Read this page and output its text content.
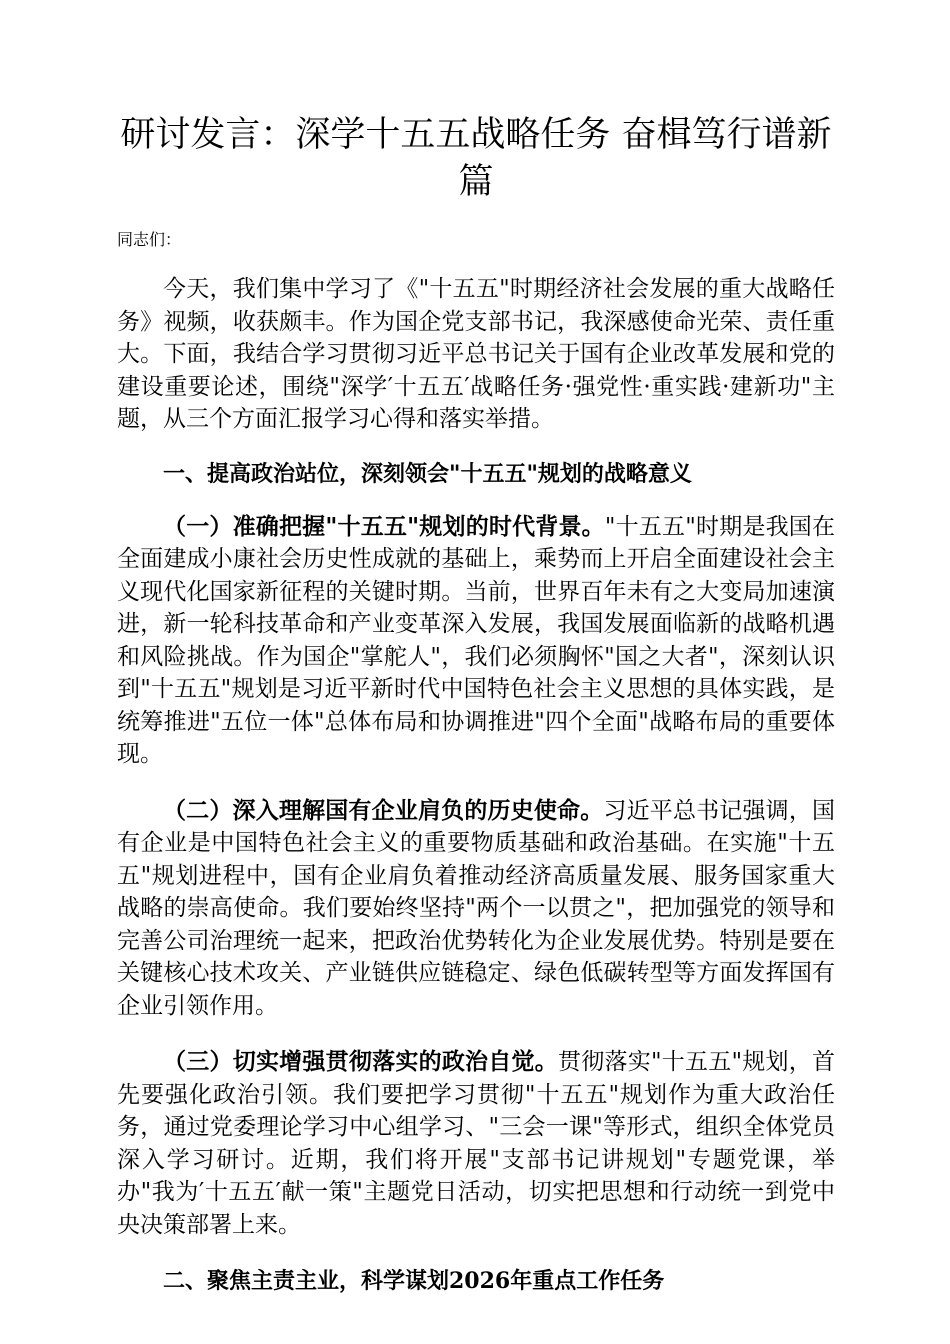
研讨发言：深学十五五战略任务 奋楫笃行谱新篇

同志们：

今天，我们集中学习了《"十五五"时期经济社会发展的重大战略任务》视频，收获颇丰。作为国企党支部书记，我深感使命光荣、责任重大。下面，我结合学习贯彻习近平总书记关于国有企业改革发展和党的建设重要论述，围绕"深学′十五五′战略任务·强党性·重实践·建新功"主题，从三个方面汇报学习心得和落实举措。

一、提高政治站位，深刻领会"十五五"规划的战略意义

（一）准确把握"十五五"规划的时代背景。"十五五"时期是我国在全面建成小康社会历史性成就的基础上，乘势而上开启全面建设社会主义现代化国家新征程的关键时期。当前，世界百年未有之大变局加速演进，新一轮科技革命和产业变革深入发展，我国发展面临新的战略机遇和风险挑战。作为国企"掌舵人"，我们必须胸怀"国之大者"，深刻认识到"十五五"规划是习近平新时代中国特色社会主义思想的具体实践，是统筹推进"五位一体"总体布局和协调推进"四个全面"战略布局的重要体现。

（二）深入理解国有企业肩负的历史使命。习近平总书记强调，国有企业是中国特色社会主义的重要物质基础和政治基础。在实施"十五五"规划进程中，国有企业肩负着推动经济高质量发展、服务国家重大战略的崇高使命。我们要始终坚持"两个一以贯之"，把加强党的领导和完善公司治理统一起来，把政治优势转化为企业发展优势。特别是要在关键核心技术攻关、产业链供应链稳定、绿色低碳转型等方面发挥国有企业引领作用。

（三）切实增强贯彻落实的政治自觉。贯彻落实"十五五"规划，首先要强化政治引领。我们要把学习贯彻"十五五"规划作为重大政治任务，通过党委理论学习中心组学习、"三会一课"等形式，组织全体党员深入学习研讨。近期，我们将开展"支部书记讲规划"专题党课，举办"我为′十五五′献一策"主题党日活动，切实把思想和行动统一到党中央决策部署上来。

二、聚焦主责主业，科学谋划2026年重点工作任务
